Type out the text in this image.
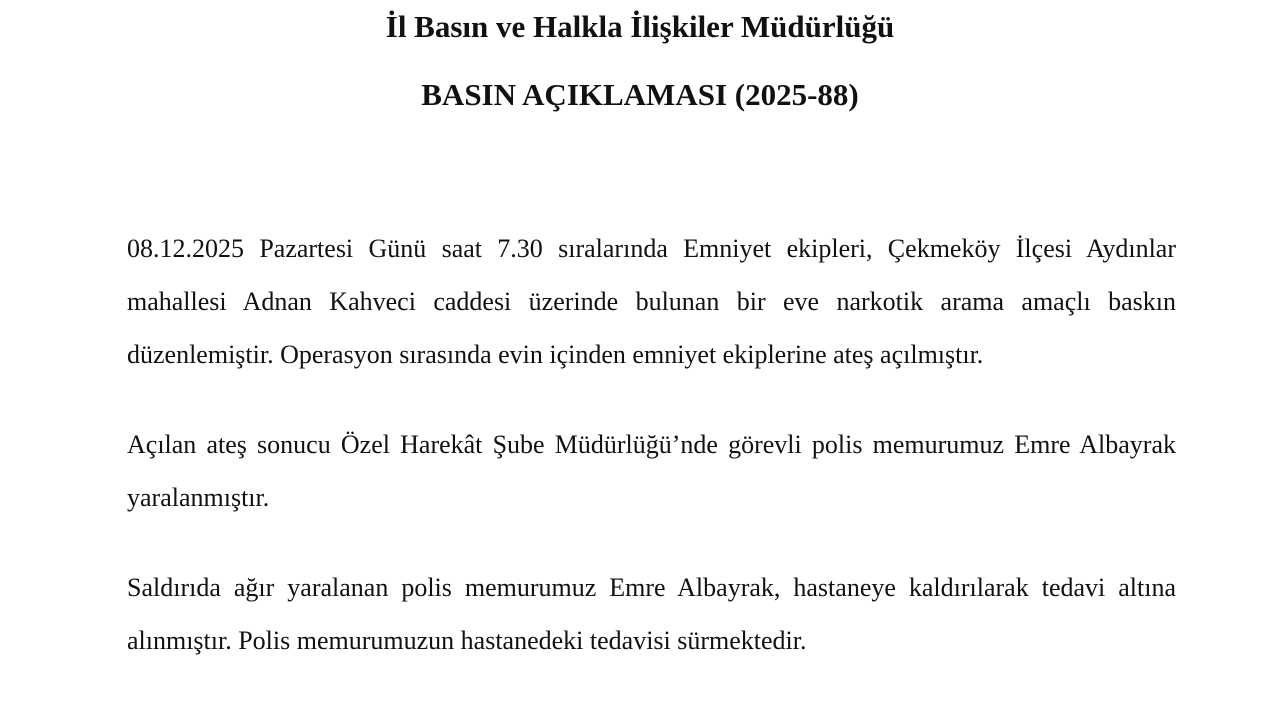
İl Basın ve Halkla İlişkiler Müdürlüğü
BASIN AÇIKLAMASI (2025-88)

08.12.2025 Pazartesi Günü saat 7.30 sıralarında Emniyet ekipleri, Çekmeköy İlçesi Aydınlar mahallesi Adnan Kahveci caddesi üzerinde bulunan bir eve narkotik arama amaçlı baskın düzenlemiştir. Operasyon sırasında evin içinden emniyet ekiplerine ateş açılmıştır.

Açılan ateş sonucu Özel Harekât Şube Müdürlüğü’nde görevli polis memurumuz Emre Albayrak yaralanmıştır.

Saldırıda ağır yaralanan polis memurumuz Emre Albayrak, hastaneye kaldırılarak tedavi altına alınmıştır. Polis memurumuzun hastanedeki tedavisi sürmektedir.
